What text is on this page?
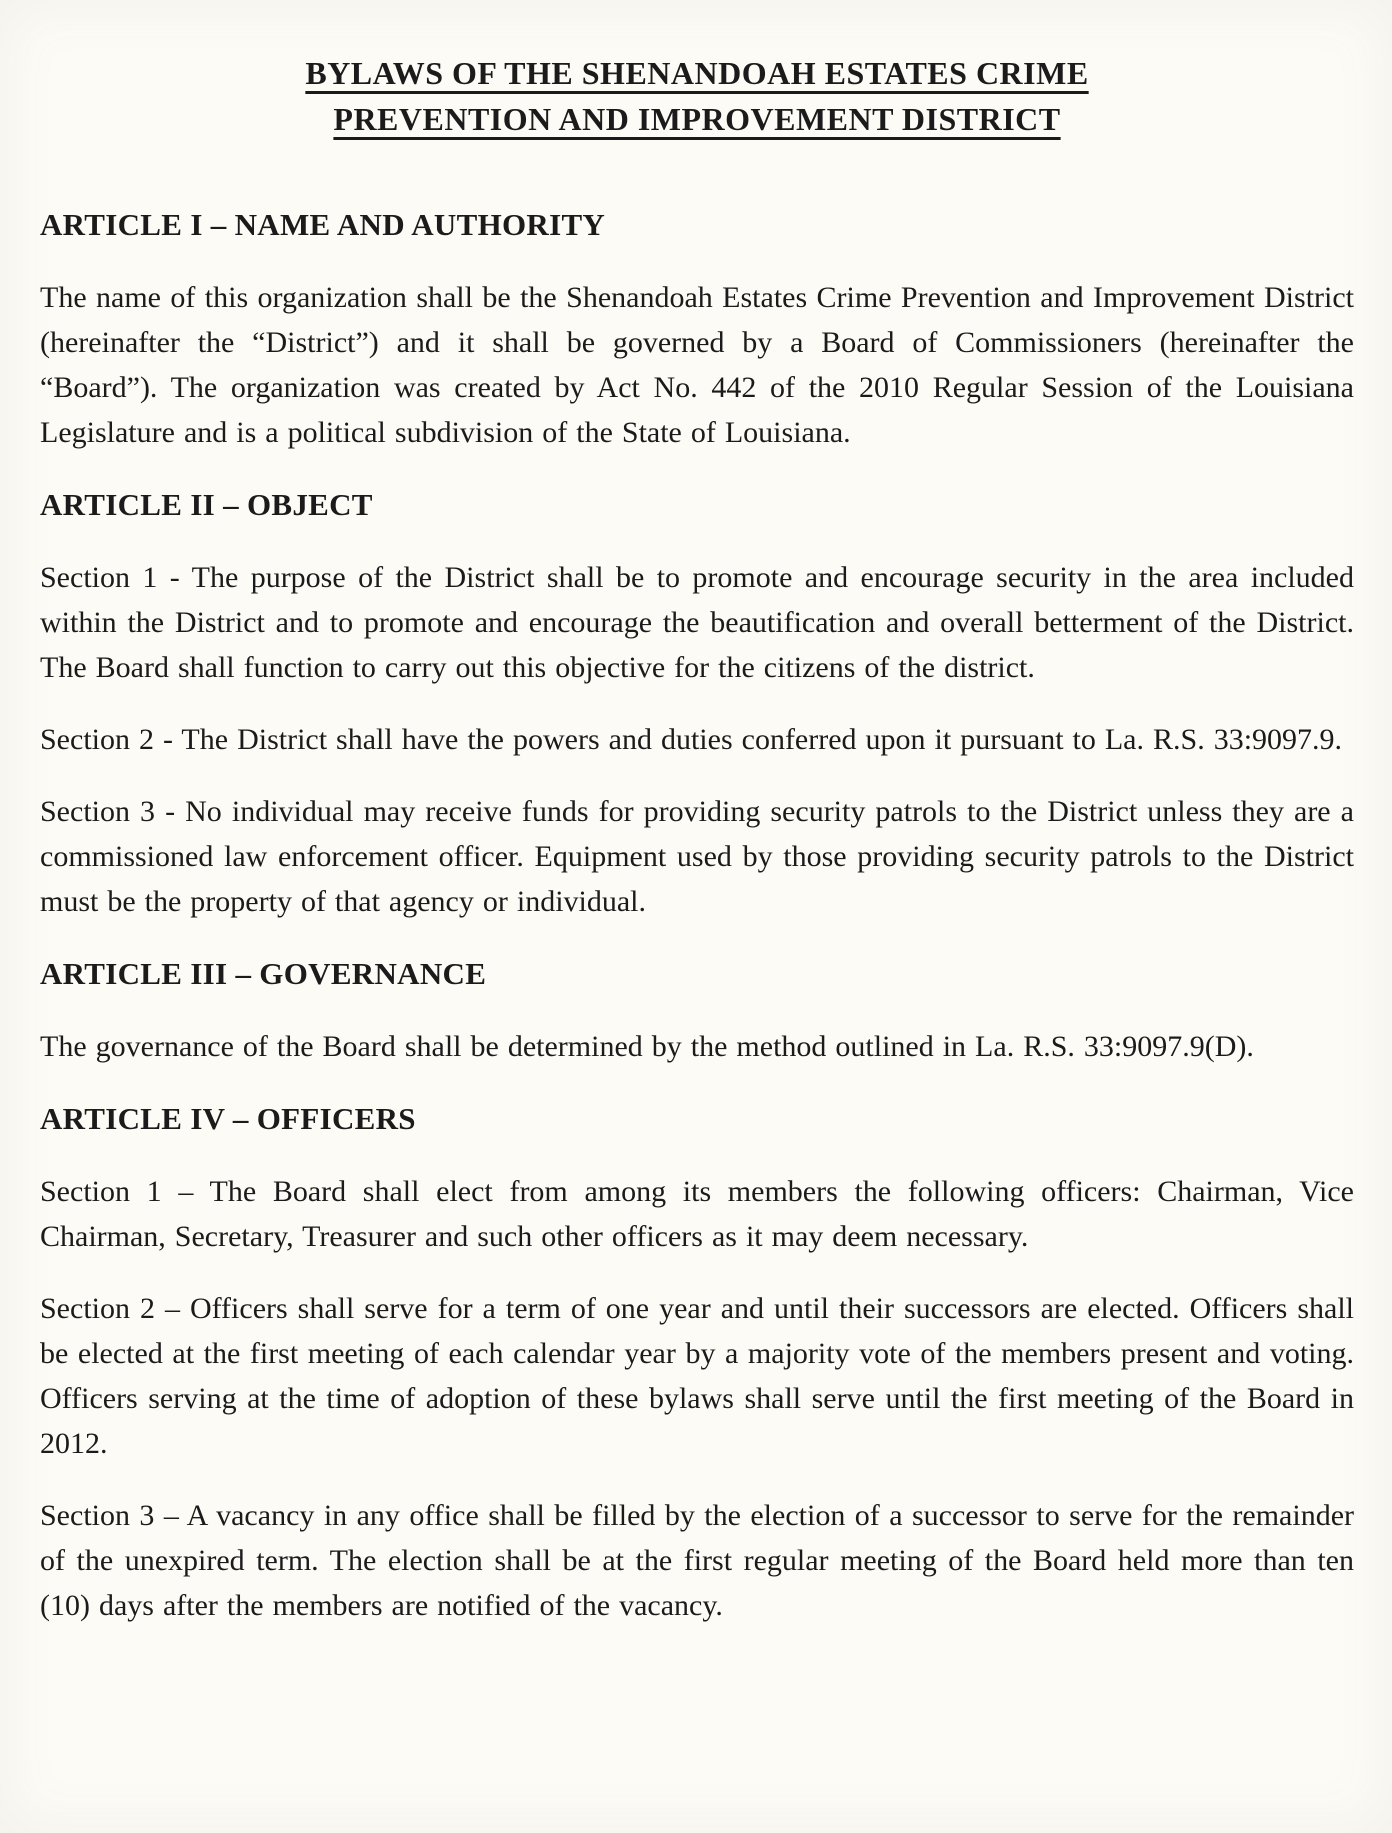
BYLAWS OF THE SHENANDOAH ESTATES CRIME
PREVENTION AND IMPROVEMENT DISTRICT
ARTICLE I – NAME AND AUTHORITY

The name of this organization shall be the Shenandoah Estates Crime Prevention and Improvement District (hereinafter the “District”) and it shall be governed by a Board of Commissioners (hereinafter the “Board”). The organization was created by Act No. 442 of the 2010 Regular Session of the Louisiana Legislature and is a political subdivision of the State of Louisiana.

ARTICLE II – OBJECT

Section 1 - The purpose of the District shall be to promote and encourage security in the area included within the District and to promote and encourage the beautification and overall betterment of the District. The Board shall function to carry out this objective for the citizens of the district.

Section 2 - The District shall have the powers and duties conferred upon it pursuant to La. R.S. 33:9097.9.

Section 3 - No individual may receive funds for providing security patrols to the District unless they are a commissioned law enforcement officer. Equipment used by those providing security patrols to the District must be the property of that agency or individual.

ARTICLE III – GOVERNANCE

The governance of the Board shall be determined by the method outlined in La. R.S. 33:9097.9(D).

ARTICLE IV – OFFICERS

Section 1 – The Board shall elect from among its members the following officers: Chairman, Vice Chairman, Secretary, Treasurer and such other officers as it may deem necessary.

Section 2 – Officers shall serve for a term of one year and until their successors are elected. Officers shall be elected at the first meeting of each calendar year by a majority vote of the members present and voting. Officers serving at the time of adoption of these bylaws shall serve until the first meeting of the Board in 2012.

Section 3 – A vacancy in any office shall be filled by the election of a successor to serve for the remainder of the unexpired term. The election shall be at the first regular meeting of the Board held more than ten (10) days after the members are notified of the vacancy.
